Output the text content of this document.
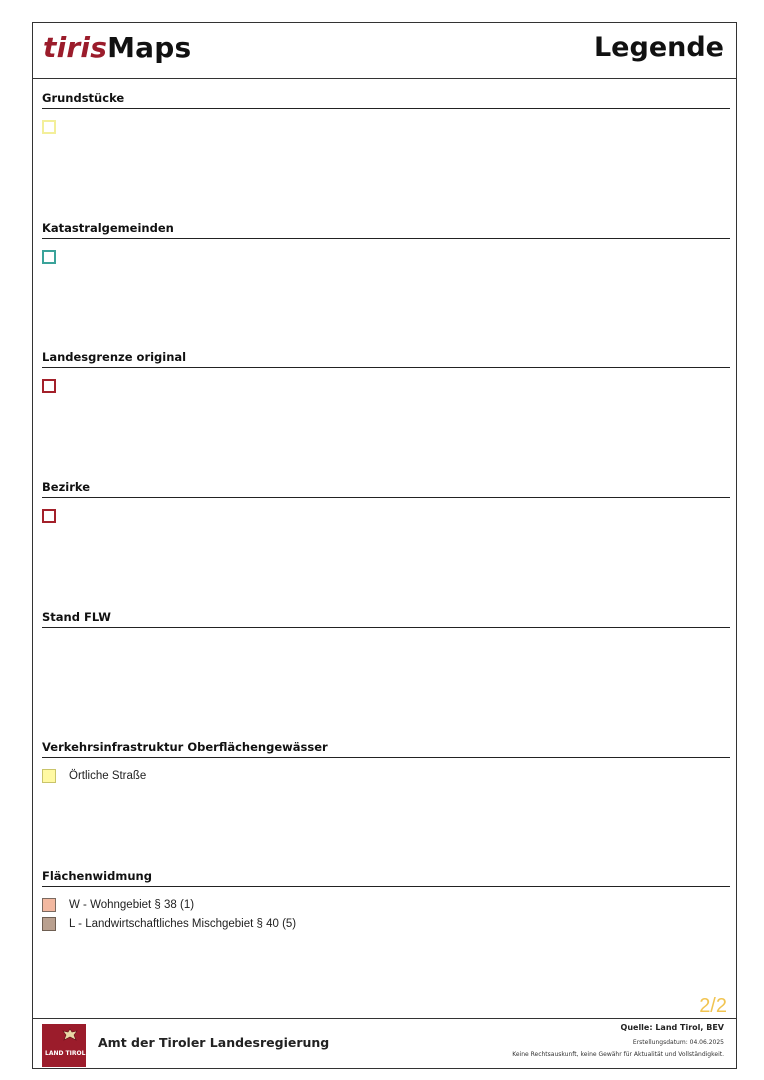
tirisMaps	Legende
Grundstücke
Katastralgemeinden
Landesgrenze original
Bezirke
Stand FLW
Verkehrsinfrastruktur Oberflächengewässer
Örtliche Straße
Flächenwidmung
W - Wohngebiet § 38 (1)
L - Landwirtschaftliches Mischgebiet § 40 (5)
2/2
LAND TIROL
Amt der Tiroler Landesregierung
Quelle: Land Tirol, BEV
Erstellungsdatum: 04.06.2025
Keine Rechtsauskunft, keine Gewähr für Aktualität und Vollständigkeit.
